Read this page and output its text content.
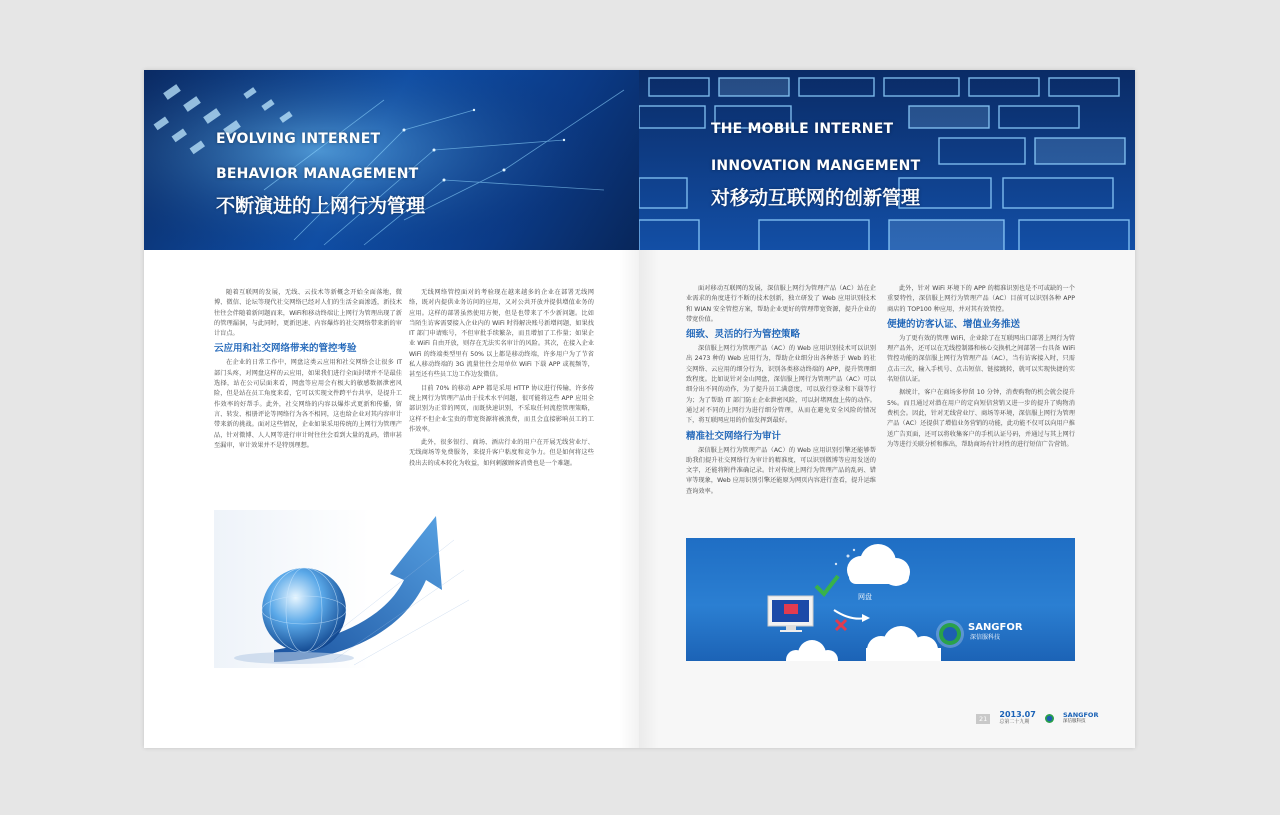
EVOLVING INTERNET
BEHAVIOR MANAGEMENT
不断演进的上网行为管理

随着互联网的发展，无线、云技术等新概念开始全面落地，微博、微信、论坛等现代社交网络已经对人们的生活全面渗透，新技术往往会伴随着新问题而来，WiFi和移动终端让上网行为管理出现了新的管理漏洞，与此同时，更新迅速、内容爆炸的社交网络带来新的审计盲点。

云应用和社交网络带来的管控考验

在企业的日常工作中，网盘这类云应用和社交网络会让很多 IT 部门头疼，对网盘这样的云应用，如果我们进行全面封堵并不是最佳选择，站在公司层面来看，网盘等应用会有极大的敏感数据泄密风险，但是站在员工角度来看，它可以实现文件跨平台共享，是提升工作效率的好帮手。此外，社交网络的内容以爆炸式更新和传播，留言、转发、相册评论等网络行为各不相同，这也给企业对其内容审计带来新的挑战。面对这些情况，企业如果采用传统的上网行为管理产品，针对微博、人人网等进行审计时往往会看到大量的乱码，错审甚至漏审，审计效果并不是特别理想。

无线网络管控面对的考验现在越来越多的企业在部署无线网络，既对内提供业务访问的应用，又对公共开放并提供增值业务的应用。这样的部署虽然使用方便，但是也带来了不少新问题。比如当陌生访客需要接入企业内的 WiFi 时得解决账号新增问题，如果找 IT 部门申请账号，不但审批手续繁杂，而且增加了工作量；如果企业 WiFi 自由开放，则存在无法实名审计的风险。其次，在接入企业 WiFi 的终端类型里有 50% 以上都是移动终端，许多用户为了节省私人移动终端的 3G 流量往往会用单位 WiFi 下载 APP 或视频等，甚至还有些员工边工作边发微信。

目前 70% 的移动 APP 都是采用 HTTP 协议进行传输，许多传统上网行为管理产品由于技术水平问题，很可能将这些 APP 应用全部识别为正常的网页，而既快速识别，不采取任何流控管理策略，这样不但企业宝贵的带宽资源将被浪费，而且会直接影响员工的工作效率。

此外，很多银行、商场、酒店行业的用户在开展无线营业厅、无线商场等免费服务，来提升客户粘度和竞争力。但是如何将这些投出去的成本转化为收益，如何刺激顾客消费也是一个难题。

THE MOBILE INTERNET
INNOVATION MANGEMENT
对移动互联网的创新管理

面对移动互联网的发展，深信服上网行为管理产品（AC）站在企业需求的角度进行不断的技术创新，独立研发了 Web 应用识别技术和 WIAN 安全管控方案，帮助企业更好的管理带宽资源，提升企业的带宽价值。

细致、灵活的行为管控策略

深信服上网行为管理产品（AC）的 Web 应用识别技术可以识别出 2473 种的 Web 应用行为，帮助企业细分出各种基于 Web 的社交网络、云应用的细分行为，识别各类移动终端的 APP，提升管理细致程度。比如说针对金山网盘，深信服上网行为管理产品（AC）可以细分出不同的动作，为了提升员工满意度，可以放行登录和下载等行为；为了帮助 IT 部门防止企业泄密风险，可以封堵网盘上传的动作。通过对不同的上网行为进行细分管理，从而在避免安全风险的情况下，将互联网应用的价值发挥到最好。

精准社交网络行为审计

深信服上网行为管理产品（AC）的 Web 应用识别引擎还能够帮助我们提升社交网络行为审计的精准度，可以识别微博等应用发送的文字，还能将附件准确记录。针对传统上网行为管理产品的乱码、错审等现象，Web 应用识别引擎还能原为网页内容进行查看，提升运维查询效率。

此外，针对 WiFi 环境下的 APP 的精准识别也是不可或缺的一个重要特性，深信服上网行为管理产品（AC）目前可以识别各种 APP 商店的 TOP100 种应用，并对其有效管控。

便捷的访客认证、增值业务推送

为了更有效的管理 WiFi，企业除了在互联网出口部署上网行为管理产品外，还可以在无线控制器和核心交换机之间部署一台具备 WiFi 管控功能的深信服上网行为管理产品（AC），当有访客接入时，只需点击三次，输入手机号、点击短信、链接跳转，就可以实现快捷的实名短信认证。

据统计，客户在商场多停留 10 分钟，消费购物的机会就会提升 5%。而且通过对潜在用户的定向短信营销又进一步的提升了购物消费机会。因此，针对无线营业厅、商场等环境，深信服上网行为管理产品（AC）还提供了增值业务营销的功能，此功能不仅可以向用户推送广告页面，还可以将收集客户的手机认证号码，并通过与其上网行为等进行关联分析和推出，帮助商场有针对性的进行短信广告营销。

网盘
SANGFOR
深信服科技
21 2013.07
总第二十九期

SANGFOR
深信服科技
